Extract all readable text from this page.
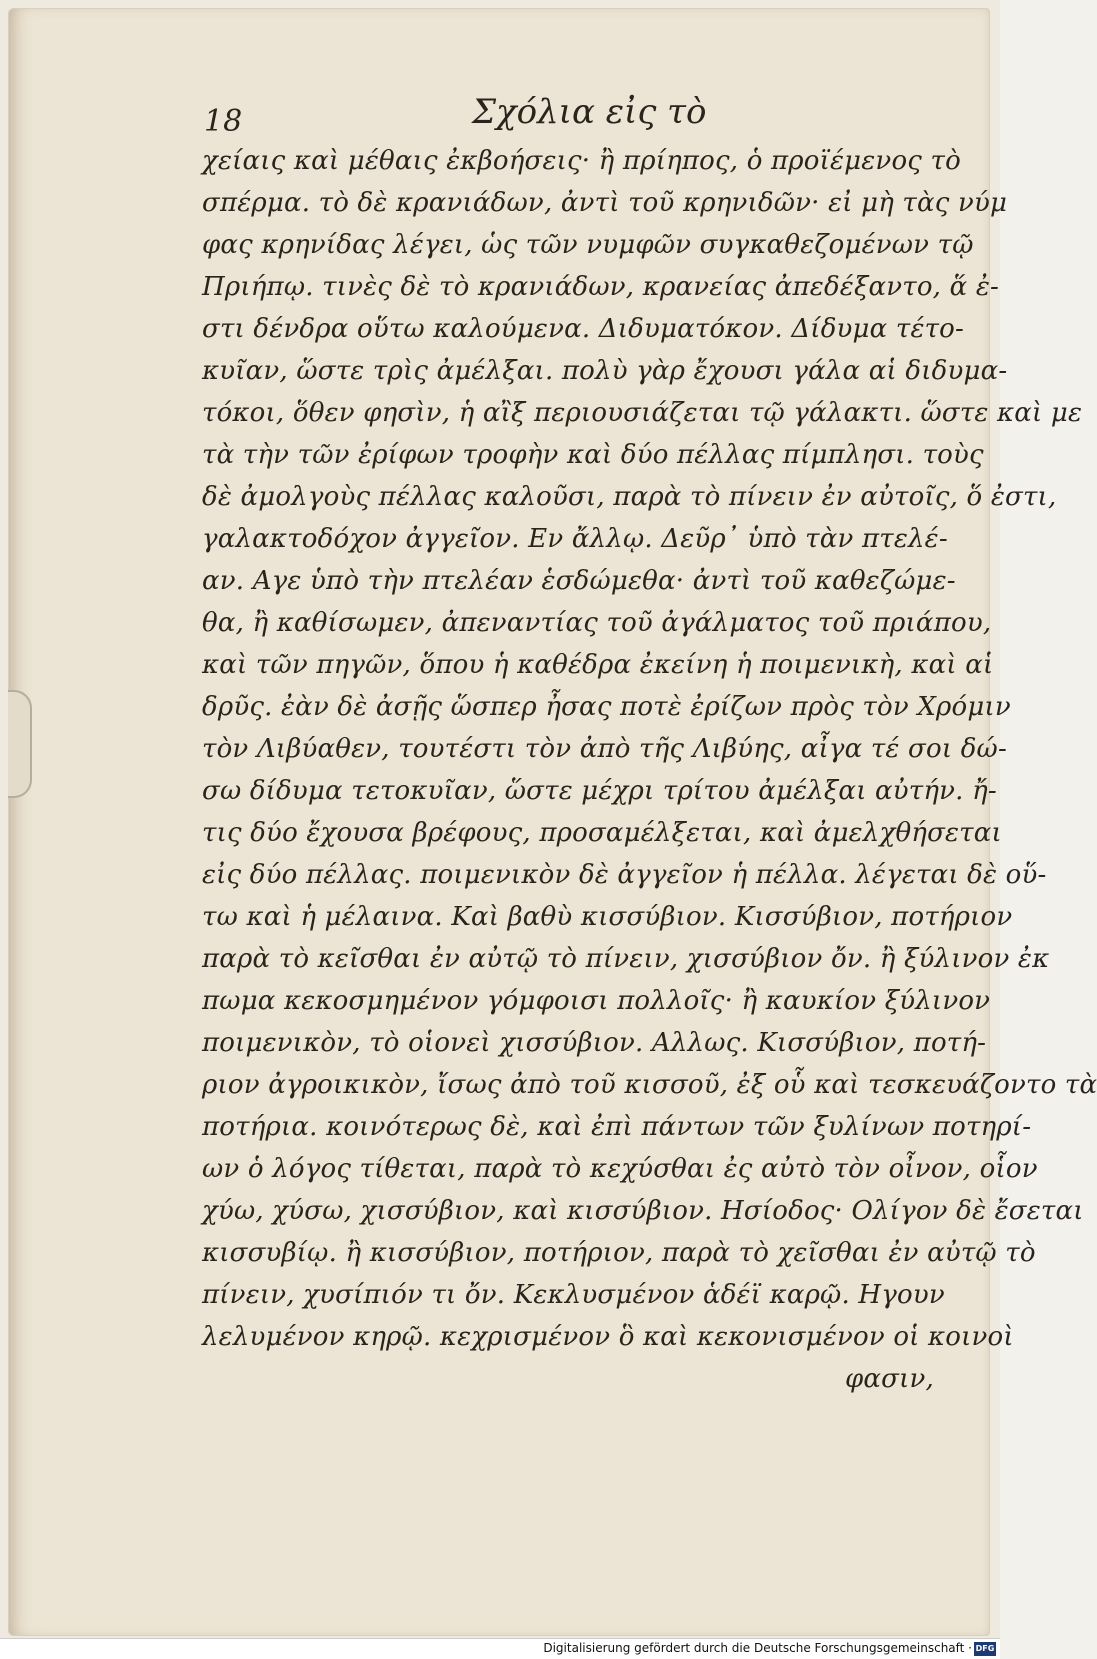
18	Σχόλια εἰς τὸ
χείαις καὶ μέθαις ἐκβοήσεις· ἢ πρίηπος, ὁ προϊέμενος τὸ
σπέρμα. τὸ δὲ κρανιάδων, ἀντὶ τοῦ κρηνιδῶν· εἰ μὴ τὰς νύμ
φας κρηνίδας λέγει, ὡς τῶν νυμφῶν συγκαθεζομένων τῷ
Πριήπῳ. τινὲς δὲ τὸ κρανιάδων, κρανείας ἀπεδέξαντο, ἅ ἐ-
στι δένδρα οὕτω καλούμενα. Διδυματόκον. Δίδυμα τέτο-
κυῖαν, ὥστε τρὶς ἀμέλξαι. πολὺ γὰρ ἔχουσι γάλα αἱ διδυμα-
τόκοι, ὅθεν φησὶν, ἡ αἲξ περιουσιάζεται τῷ γάλακτι. ὥστε καὶ με
τὰ τὴν τῶν ἐρίφων τροφὴν καὶ δύο πέλλας πίμπλησι. τοὺς
δὲ ἀμολγοὺς πέλλας καλοῦσι, παρὰ τὸ πίνειν ἐν αὐτοῖς, ὅ ἐστι,
γαλακτοδόχον ἀγγεῖον. Εν ἄλλῳ. Δεῦρ᾽ ὑπὸ τὰν πτελέ-
αν. Αγε ὑπὸ τὴν πτελέαν ἑσδώμεθα· ἀντὶ τοῦ καθεζώμε-
θα, ἢ καθίσωμεν, ἀπεναντίας τοῦ ἀγάλματος τοῦ πριάπου,
καὶ τῶν πηγῶν, ὅπου ἡ καθέδρα ἐκείνη ἡ ποιμενικὴ, καὶ αἱ
δρῦς. ἐὰν δὲ ἀσῇς ὥσπερ ἦσας ποτὲ ἐρίζων πρὸς τὸν Χρόμιν
τὸν Λιβύαθεν, τουτέστι τὸν ἀπὸ τῆς Λιβύης, αἶγα τέ σοι δώ-
σω δίδυμα τετοκυῖαν, ὥστε μέχρι τρίτου ἀμέλξαι αὐτήν. ἤ-
τις δύο ἔχουσα βρέφους, προσαμέλξεται, καὶ ἀμελχθήσεται
εἰς δύο πέλλας. ποιμενικὸν δὲ ἀγγεῖον ἡ πέλλα. λέγεται δὲ οὕ-
τω καὶ ἡ μέλαινα. Καὶ βαθὺ κισσύβιον. Κισσύβιον, ποτήριον
παρὰ τὸ κεῖσθαι ἐν αὐτῷ τὸ πίνειν, χισσύβιον ὄν. ἢ ξύλινον ἐκ
πωμα κεκοσμημένον γόμφοισι πολλοῖς· ἢ καυκίον ξύλινον
ποιμενικὸν, τὸ οἱονεὶ χισσύβιον. Αλλως. Κισσύβιον, ποτή-
ριον ἀγροικικὸν, ἴσως ἀπὸ τοῦ κισσοῦ, ἐξ οὗ καὶ τεσκευάζοντο τὰ
ποτήρια. κοινότερως δὲ, καὶ ἐπὶ πάντων τῶν ξυλίνων ποτηρί-
ων ὁ λόγος τίθεται, παρὰ τὸ κεχύσθαι ἐς αὐτὸ τὸν οἶνον, οἷον
χύω, χύσω, χισσύβιον, καὶ κισσύβιον. Ησίοδος· Ολίγον δὲ ἔσεται
κισσυβίῳ. ἢ κισσύβιον, ποτήριον, παρὰ τὸ χεῖσθαι ἐν αὐτῷ τὸ
πίνειν, χυσίπιόν τι ὄν. Κεκλυσμένον ἁδέϊ καρῷ. Ηγουν
λελυμένον κηρῷ. κεχρισμένον ὃ καὶ κεκονισμένον οἱ κοινοὶ
φασιν,
Digitalisierung gefördert durch die Deutsche Forschungsgemeinschaft · DFG
